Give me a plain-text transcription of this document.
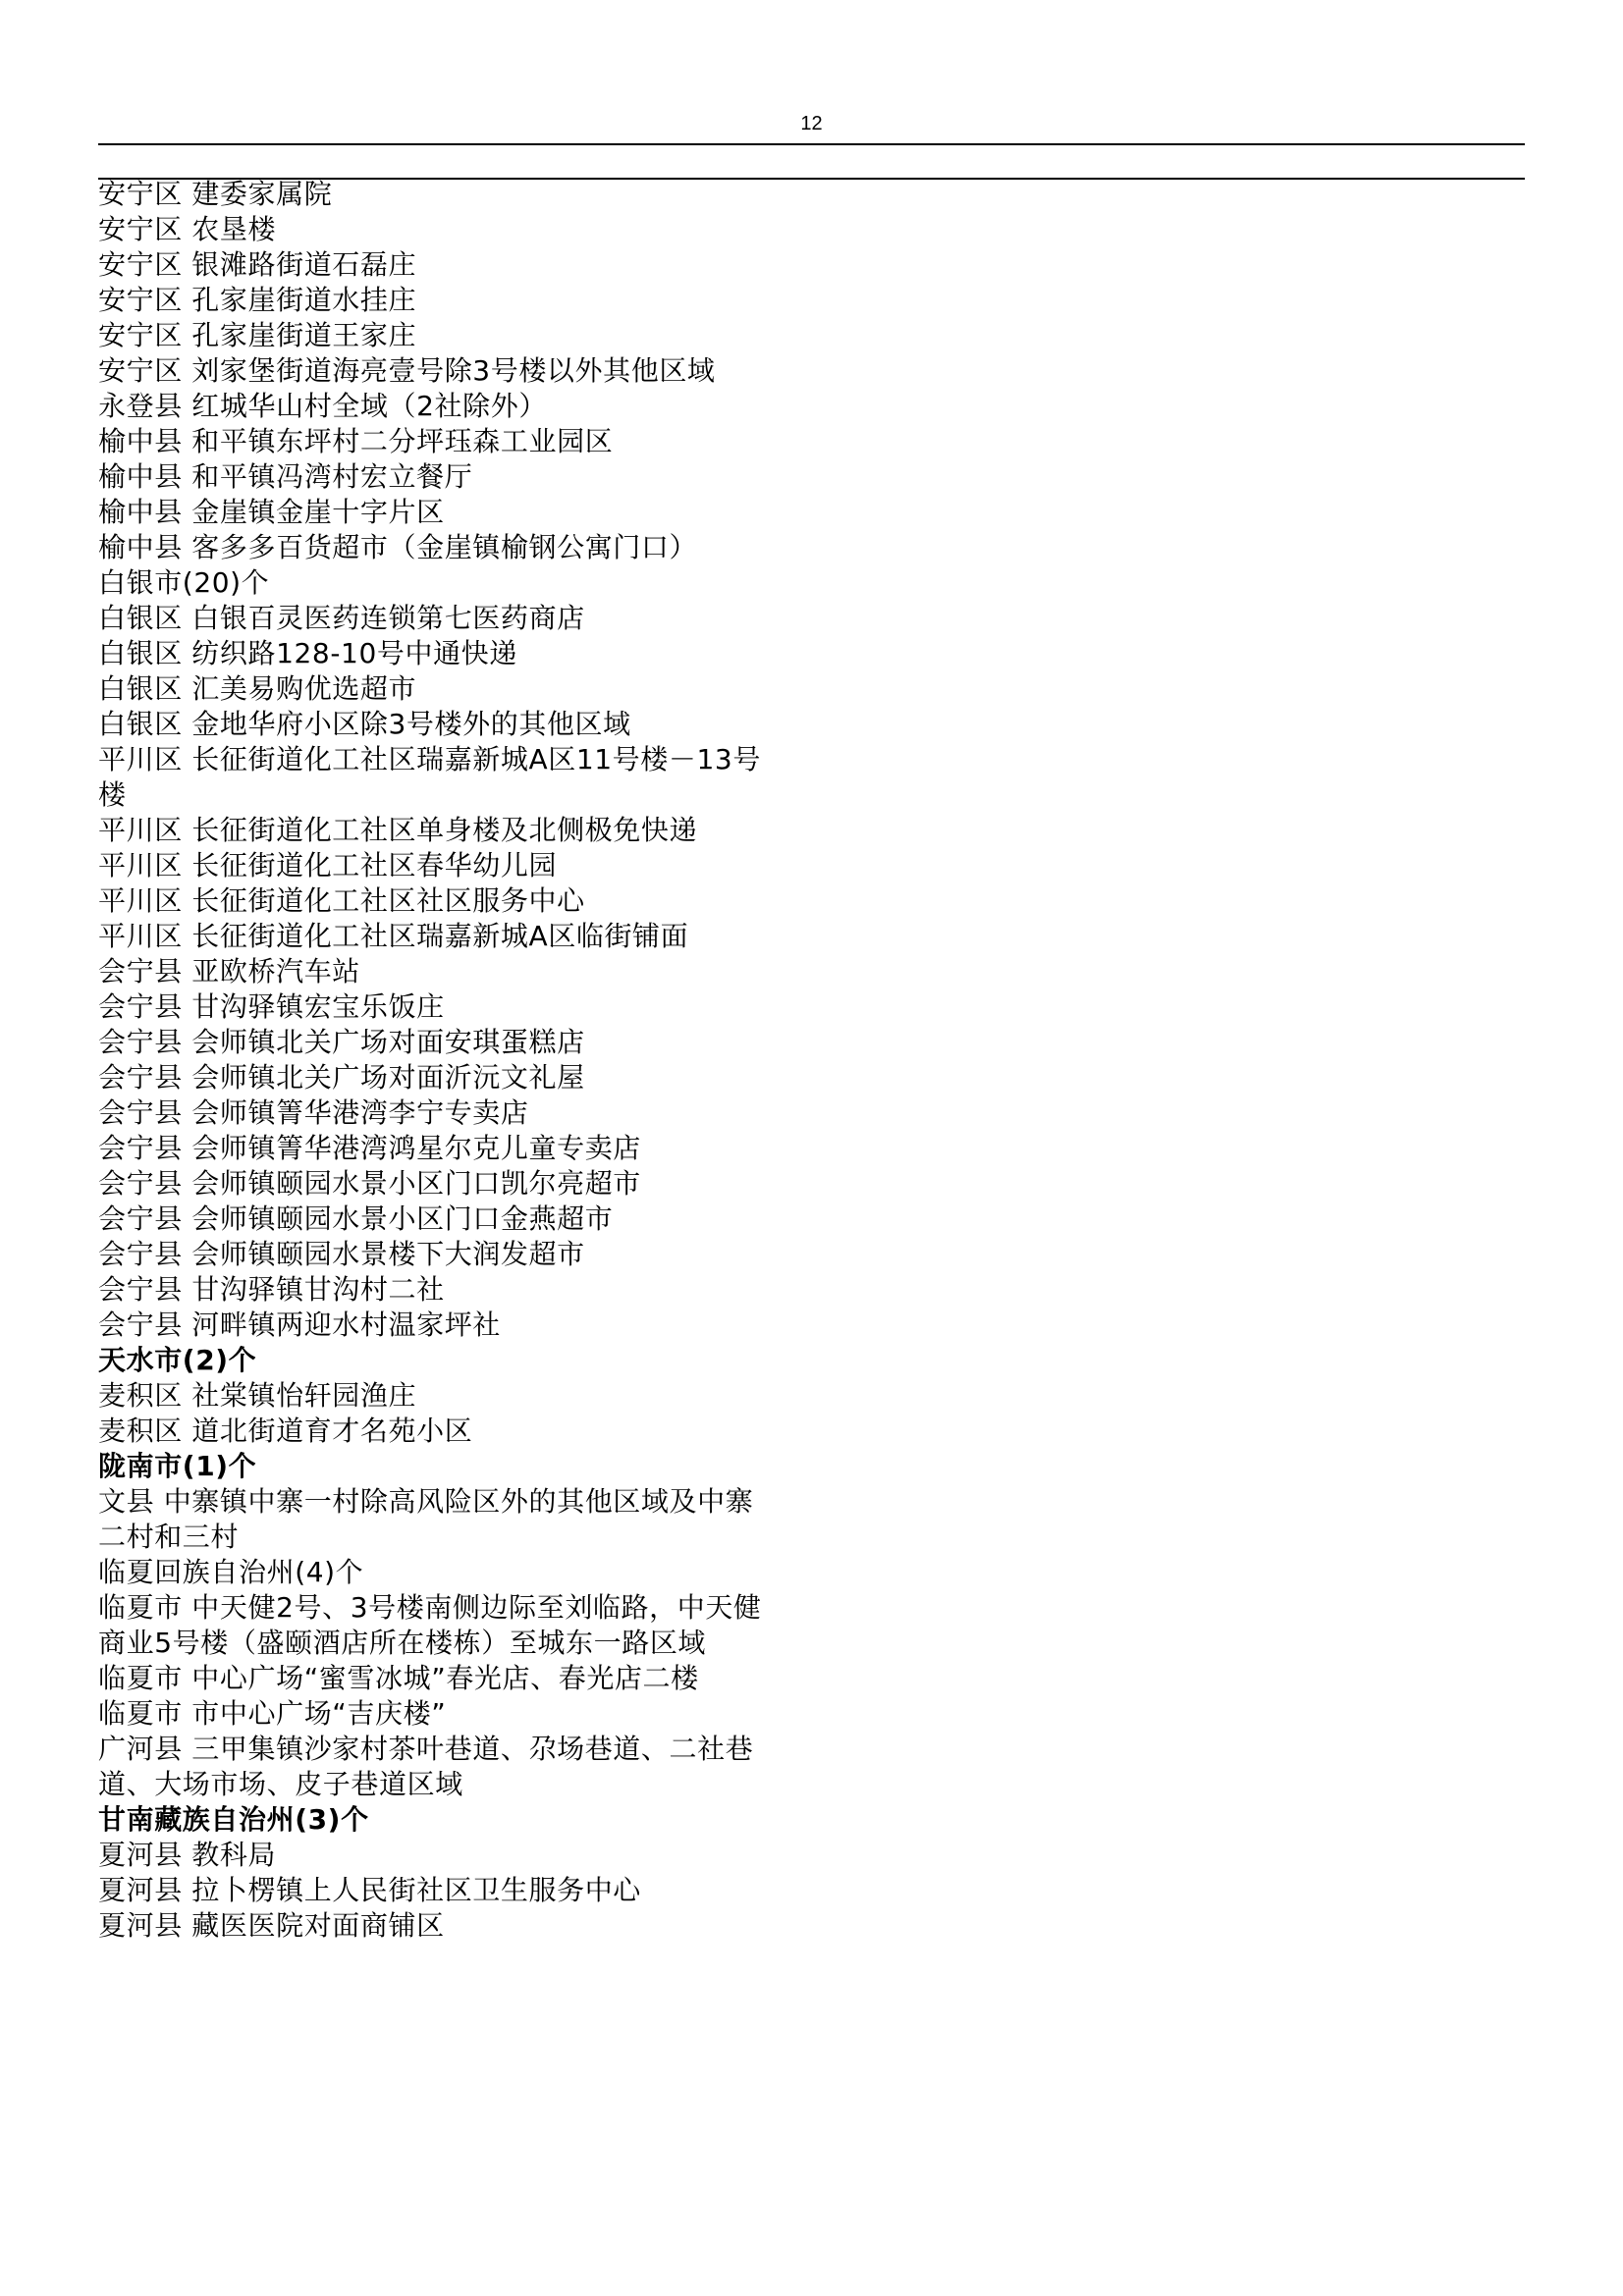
12
安宁区 建委家属院
安宁区 农垦楼
安宁区 银滩路街道石磊庄
安宁区 孔家崖街道水挂庄
安宁区 孔家崖街道王家庄
安宁区 刘家堡街道海亮壹号除3号楼以外其他区域
永登县 红城华山村全域（2社除外）
榆中县 和平镇东坪村二分坪珏森工业园区
榆中县 和平镇冯湾村宏立餐厅
榆中县 金崖镇金崖十字片区
榆中县 客多多百货超市（金崖镇榆钢公寓门口）
白银市(20)个
白银区 白银百灵医药连锁第七医药商店
白银区 纺织路128-10号中通快递
白银区 汇美易购优选超市
白银区 金地华府小区除3号楼外的其他区域
平川区 长征街道化工社区瑞嘉新城A区11号楼－13号
楼
平川区 长征街道化工社区单身楼及北侧极免快递
平川区 长征街道化工社区春华幼儿园
平川区 长征街道化工社区社区服务中心
平川区 长征街道化工社区瑞嘉新城A区临街铺面
会宁县 亚欧桥汽车站
会宁县 甘沟驿镇宏宝乐饭庄
会宁县 会师镇北关广场对面安琪蛋糕店
会宁县 会师镇北关广场对面沂沅文礼屋
会宁县 会师镇箐华港湾李宁专卖店
会宁县 会师镇箐华港湾鸿星尔克儿童专卖店
会宁县 会师镇颐园水景小区门口凯尔亮超市
会宁县 会师镇颐园水景小区门口金燕超市
会宁县 会师镇颐园水景楼下大润发超市
会宁县 甘沟驿镇甘沟村二社
会宁县 河畔镇两迎水村温家坪社
天水市(2)个
麦积区 社棠镇怡轩园渔庄
麦积区 道北街道育才名苑小区
陇南市(1)个
文县 中寨镇中寨一村除高风险区外的其他区域及中寨
二村和三村
临夏回族自治州(4)个
临夏市 中天健2号、3号楼南侧边际至刘临路，中天健
商业5号楼（盛颐酒店所在楼栋）至城东一路区域
临夏市 中心广场“蜜雪冰城”春光店、春光店二楼
临夏市 市中心广场“吉庆楼”
广河县 三甲集镇沙家村茶叶巷道、尕场巷道、二社巷
道、大场市场、皮子巷道区域
甘南藏族自治州(3)个
夏河县 教科局
夏河县 拉卜楞镇上人民街社区卫生服务中心
夏河县 藏医医院对面商铺区
